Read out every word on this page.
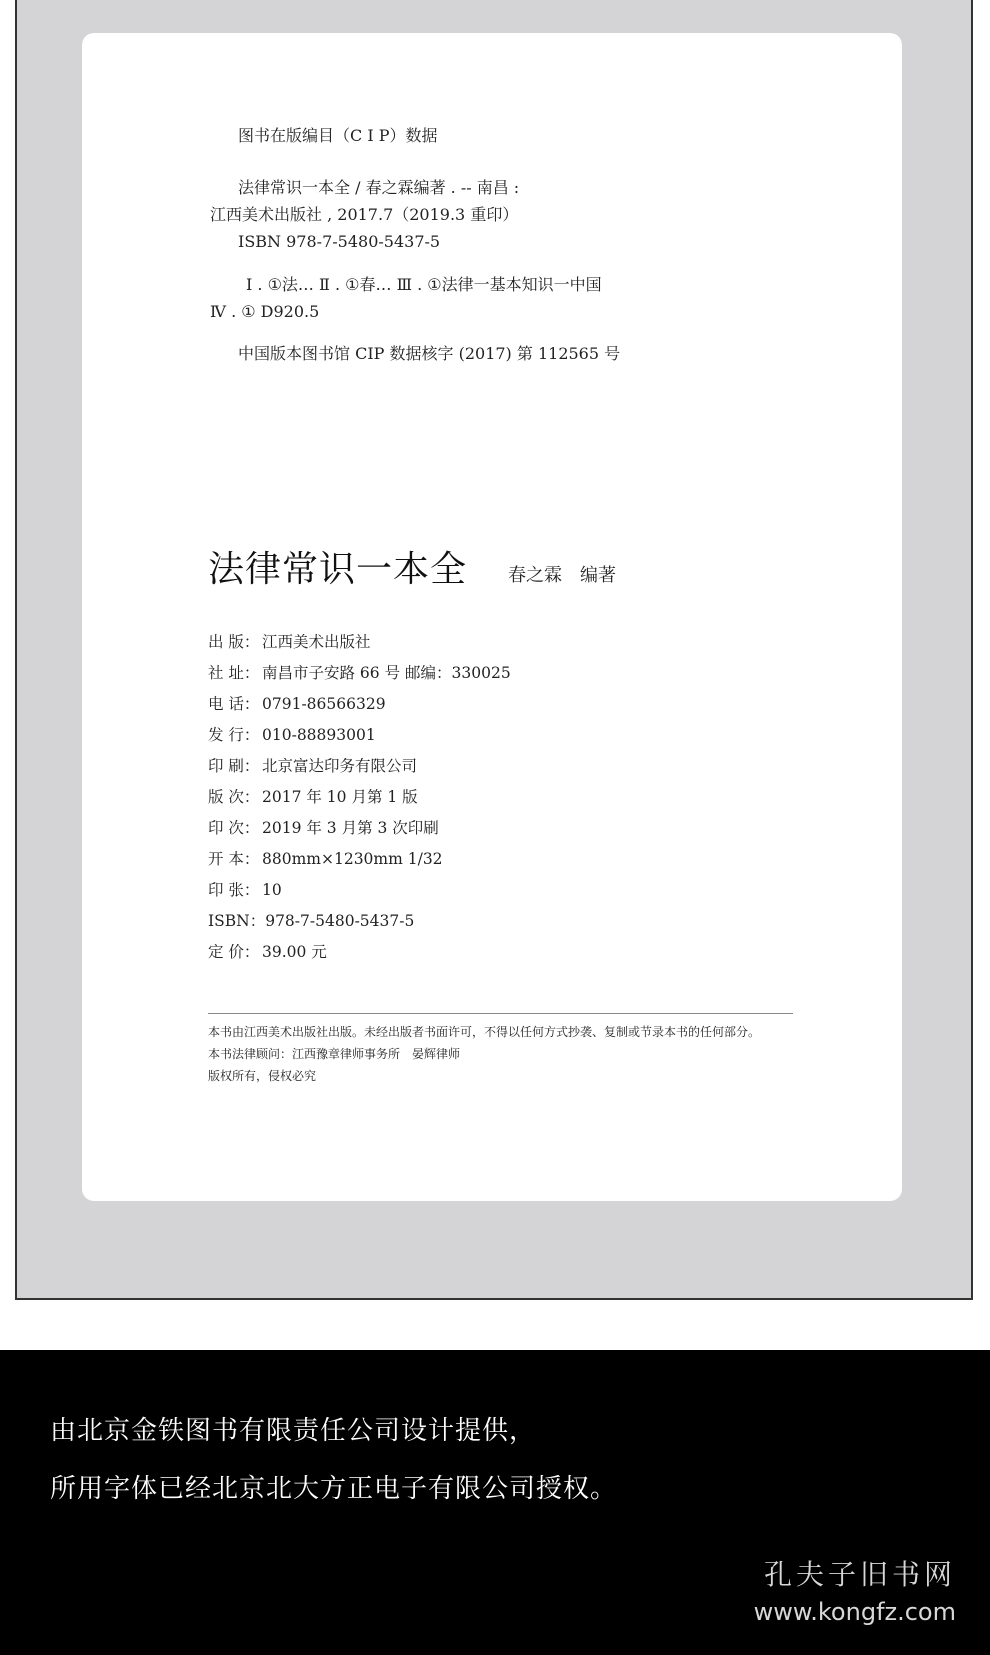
图书在版编目（C I P）数据
法律常识一本全 / 春之霖编著 . -- 南昌 :
江西美术出版社 , 2017.7（2019.3 重印）
ISBN 978-7-5480-5437-5
Ⅰ . ①法… Ⅱ . ①春… Ⅲ . ①法律一基本知识一中国
Ⅳ . ① D920.5
中国版本图书馆 CIP 数据核字 (2017) 第 112565 号
法律常识一本全 春之霖　编著
出 版： 江西美术出版社
社 址： 南昌市子安路 66 号 邮编：330025
电 话： 0791-86566329
发 行： 010-88893001
印 刷： 北京富达印务有限公司
版 次： 2017 年 10 月第 1 版
印 次： 2019 年 3 月第 3 次印刷
开 本： 880mm×1230mm 1/32
印 张： 10
ISBN：978-7-5480-5437-5
定 价： 39.00 元
本书由江西美术出版社出版。未经出版者书面许可，不得以任何方式抄袭、复制或节录本书的任何部分。
本书法律顾问：江西豫章律师事务所　晏辉律师
版权所有，侵权必究
由北京金铁图书有限责任公司设计提供，
所用字体已经北京北大方正电子有限公司授权。
孔夫子旧书网
www.kongfz.com
